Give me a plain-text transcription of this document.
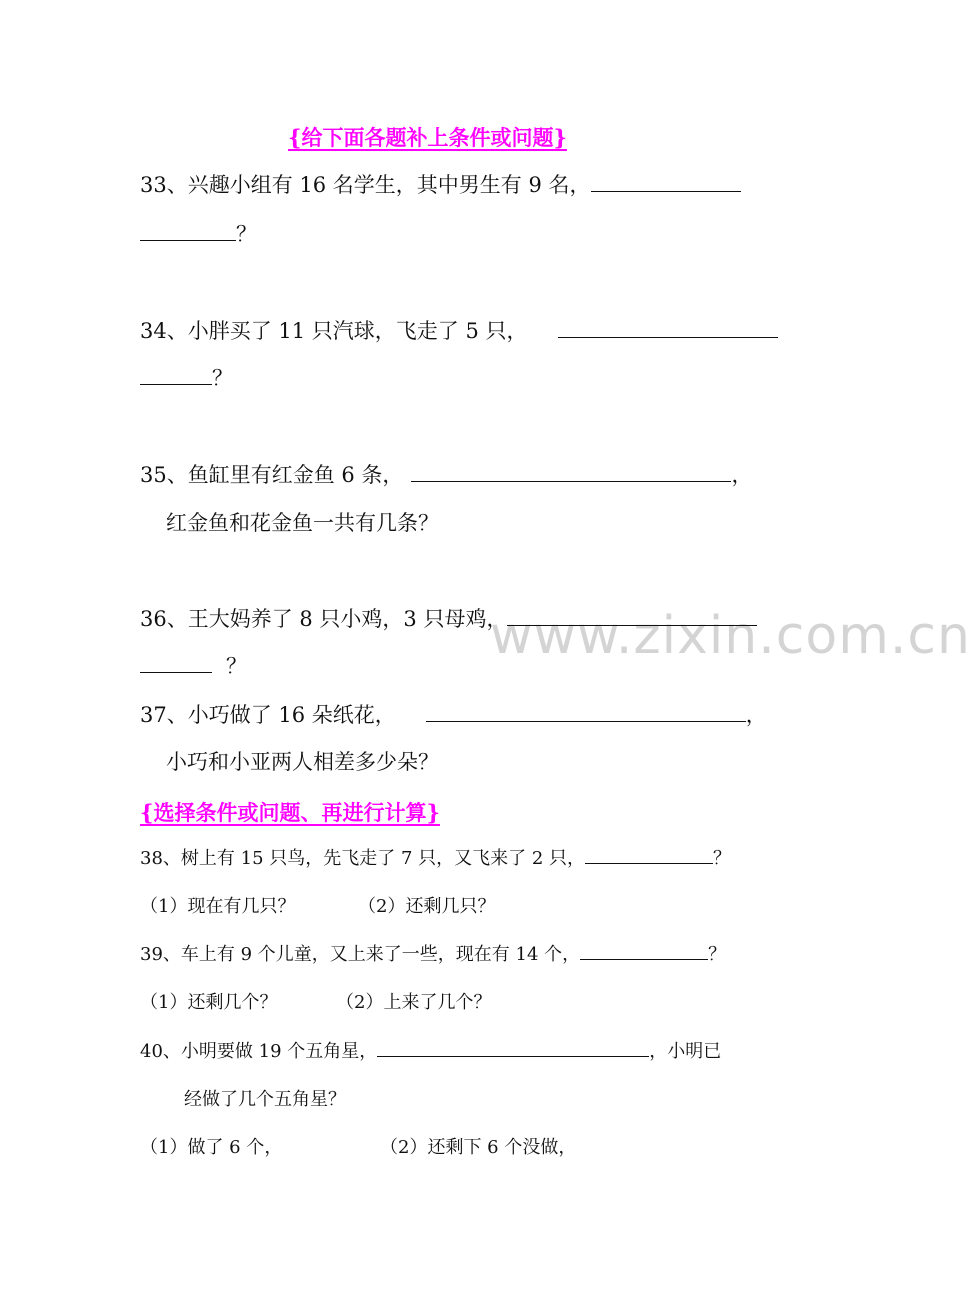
{给下面各题补上条件或问题}
33、兴趣小组有 16 名学生，其中男生有 9 名，
？
34、小胖买了 11 只汽球，飞走了 5 只，
？
35、鱼缸里有红金鱼 6 条，	，
红金鱼和花金鱼一共有几条？
www.zixin.com.cn
36、王大妈养了 8 只小鸡，3 只母鸡，
？
37、小巧做了 16 朵纸花，	，
小巧和小亚两人相差多少朵？
{选择条件或问题、再进行计算}
38、树上有 15 只鸟，先飞走了 7 只，又飞来了 2 只，	？
（1）现在有几只？	（2）还剩几只？
39、车上有 9 个儿童，又上来了一些，现在有 14 个，	？
（1）还剩几个？	（2）上来了几个？
40、小明要做 19 个五角星，	，小明已
经做了几个五角星？
（1）做了 6 个，	（2）还剩下 6 个没做，
